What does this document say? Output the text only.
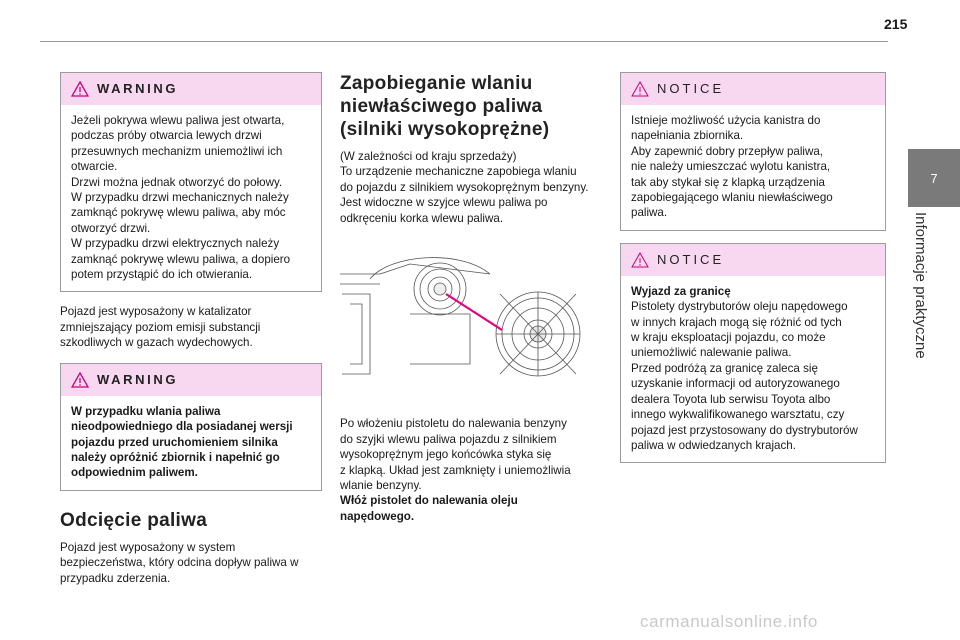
215
7
Informacje praktyczne
WARNING
Jeżeli pokrywa wlewu paliwa jest otwarta,
podczas próby otwarcia lewych drzwi
przesuwnych mechanizm uniemożliwi ich
otwarcie.
Drzwi można jednak otworzyć do połowy.
W przypadku drzwi mechanicznych należy
zamknąć pokrywę wlewu paliwa, aby móc
otworzyć drzwi.
W przypadku drzwi elektrycznych należy
zamknąć pokrywę wlewu paliwa, a dopiero
potem przystąpić do ich otwierania.

Pojazd jest wyposażony w katalizator
zmniejszający poziom emisji substancji
szkodliwych w gazach wydechowych.

WARNING
W przypadku wlania paliwa
nieodpowiedniego dla posiadanej wersji
pojazdu przed uruchomieniem silnika
należy opróżnić zbiornik i napełnić go
odpowiednim paliwem.
Odcięcie paliwa

Pojazd jest wyposażony w system
bezpieczeństwa, który odcina dopływ paliwa w
przypadku zderzenia.

Zapobieganie wlaniu
niewłaściwego paliwa
(silniki wysokoprężne)

(W zależności od kraju sprzedaży)
To urządzenie mechaniczne zapobiega wlaniu
do pojazdu z silnikiem wysokoprężnym benzyny.
Jest widoczne w szyjce wlewu paliwa po
odkręceniu korka wlewu paliwa.

Po włożeniu pistoletu do nalewania benzyny
do szyjki wlewu paliwa pojazdu z silnikiem
wysokoprężnym jego końcówka styka się
z klapką. Układ jest zamknięty i uniemożliwia
wlanie benzyny.

Włóż pistolet do nalewania oleju
napędowego.

NOTICE
Istnieje możliwość użycia kanistra do
napełniania zbiornika.
Aby zapewnić dobry przepływ paliwa,
nie należy umieszczać wylotu kanistra,
tak aby stykał się z klapką urządzenia
zapobiegającego wlaniu niewłaściwego
paliwa.
NOTICE
Wyjazd za granicę
Pistolety dystrybutorów oleju napędowego
w innych krajach mogą się różnić od tych
w kraju eksploatacji pojazdu, co może
uniemożliwić nalewanie paliwa.
Przed podróżą za granicę zaleca się
uzyskanie informacji od autoryzowanego
dealera Toyota lub serwisu Toyota albo
innego wykwalifikowanego warsztatu, czy
pojazd jest przystosowany do dystrybutorów
paliwa w odwiedzanych krajach.
carmanualsonline.info
